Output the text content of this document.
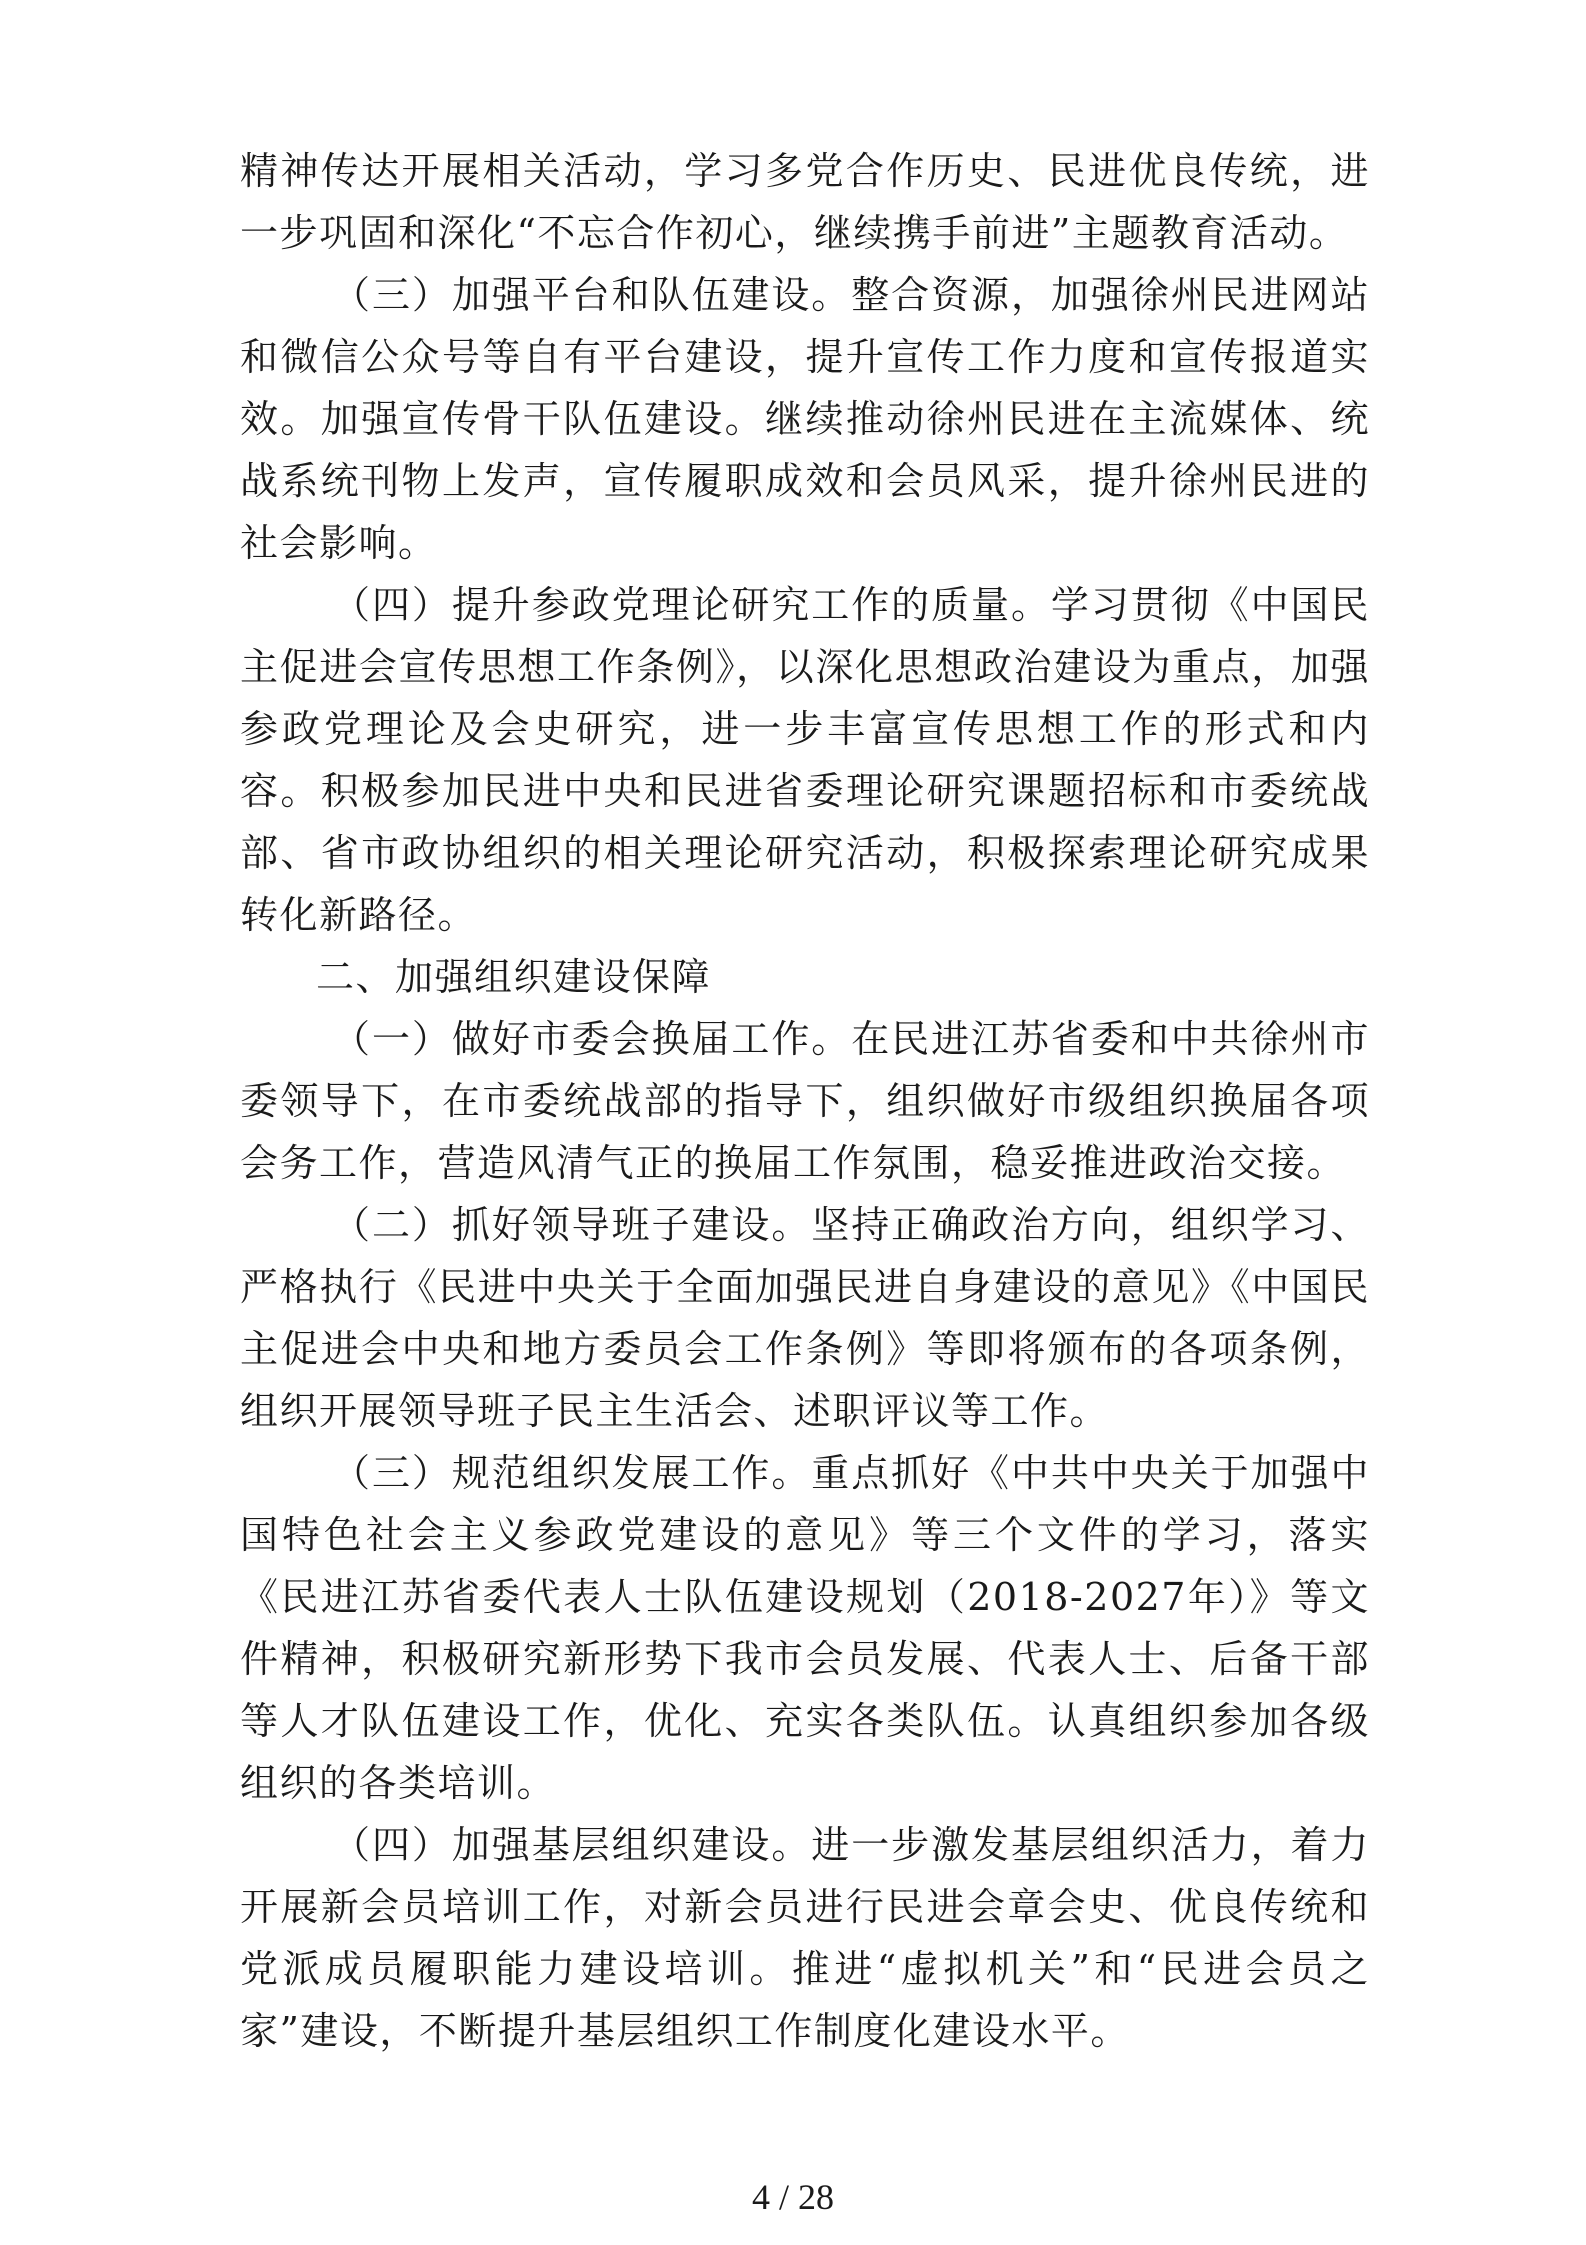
精神传达开展相关活动，学习多党合作历史、民进优良传统，进一步巩固和深化“不忘合作初心，继续携手前进”主题教育活动。

（三）加强平台和队伍建设。整合资源，加强徐州民进网站和微信公众号等自有平台建设，提升宣传工作力度和宣传报道实效。加强宣传骨干队伍建设。继续推动徐州民进在主流媒体、统战系统刊物上发声，宣传履职成效和会员风采，提升徐州民进的社会影响。

（四）提升参政党理论研究工作的质量。学习贯彻《中国民主促进会宣传思想工作条例》，以深化思想政治建设为重点，加强参政党理论及会史研究，进一步丰富宣传思想工作的形式和内容。积极参加民进中央和民进省委理论研究课题招标和市委统战部、省市政协组织的相关理论研究活动，积极探索理论研究成果转化新路径。

二、加强组织建设保障

（一）做好市委会换届工作。在民进江苏省委和中共徐州市委领导下，在市委统战部的指导下，组织做好市级组织换届各项会务工作，营造风清气正的换届工作氛围，稳妥推进政治交接。

（二）抓好领导班子建设。坚持正确政治方向，组织学习、严格执行《民进中央关于全面加强民进自身建设的意见》《中国民主促进会中央和地方委员会工作条例》等即将颁布的各项条例，组织开展领导班子民主生活会、述职评议等工作。

（三）规范组织发展工作。重点抓好《中共中央关于加强中国特色社会主义参政党建设的意见》等三个文件的学习，落实《民进江苏省委代表人士队伍建设规划（2018-2027年）》等文件精神，积极研究新形势下我市会员发展、代表人士、后备干部等人才队伍建设工作，优化、充实各类队伍。认真组织参加各级组织的各类培训。

（四）加强基层组织建设。进一步激发基层组织活力，着力开展新会员培训工作，对新会员进行民进会章会史、优良传统和党派成员履职能力建设培训。推进“虚拟机关”和“民进会员之家”建设，不断提升基层组织工作制度化建设水平。

4 / 28
